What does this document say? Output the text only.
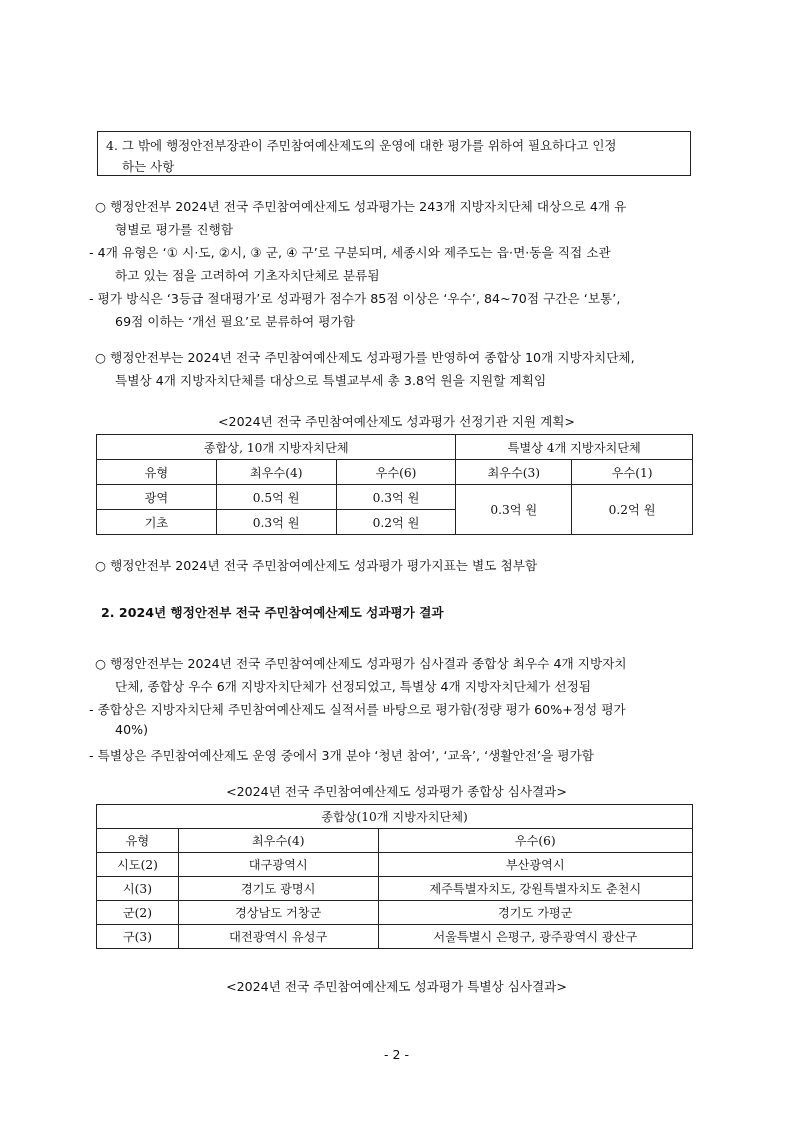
4. 그 밖에 행정안전부장관이 주민참여예산제도의 운영에 대한 평가를 위하여 필요하다고 인정
하는 사항
○ 행정안전부 2024년 전국 주민참여예산제도 성과평가는 243개 지방자치단체 대상으로 4개 유
형별로 평가를 진행함
- 4개 유형은 ‘① 시·도, ②시, ③ 군, ④ 구’로 구분되며, 세종시와 제주도는 읍·면·동을 직접 소관
하고 있는 점을 고려하여 기초자치단체로 분류됨
- 평가 방식은 ‘3등급 절대평가’로 성과평가 점수가 85점 이상은 ‘우수’, 84~70점 구간은 ‘보통’,
69점 이하는 ‘개선 필요’로 분류하여 평가함
○ 행정안전부는 2024년 전국 주민참여예산제도 성과평가를 반영하여 종합상 10개 지방자치단체,
특별상 4개 지방자치단체를 대상으로 특별교부세 총 3.8억 원을 지원할 계획임
<2024년 전국 주민참여예산제도 성과평가 선정기관 지원 계획>
종합상, 10개 지방자치단체			특별상 4개 지방자치단체	
유형	최우수(4)	우수(6)	최우수(3)	우수(1)
광역	0.5억 원	0.3억 원	0.3억 원	0.2억 원
기초	0.3억 원	0.2억 원		
○ 행정안전부 2024년 전국 주민참여예산제도 성과평가 평가지표는 별도 첨부함
2. 2024년 행정안전부 전국 주민참여예산제도 성과평가 결과
○ 행정안전부는 2024년 전국 주민참여예산제도 성과평가 심사결과 종합상 최우수 4개 지방자치
단체, 종합상 우수 6개 지방자치단체가 선정되었고, 특별상 4개 지방자치단체가 선정됨
- 종합상은 지방자치단체 주민참여예산제도 실적서를 바탕으로 평가함(정량 평가 60%+정성 평가
40%)
- 특별상은 주민참여예산제도 운영 중에서 3개 분야 ‘청년 참여’, ‘교육’, ‘생활안전’을 평가함
<2024년 전국 주민참여예산제도 성과평가 종합상 심사결과>
종합상(10개 지방자치단체)		
유형	최우수(4)	우수(6)
시도(2)	대구광역시	부산광역시
시(3)	경기도 광명시	제주특별자치도, 강원특별자치도 춘천시
군(2)	경상남도 거창군	경기도 가평군
구(3)	대전광역시 유성구	서울특별시 은평구, 광주광역시 광산구
<2024년 전국 주민참여예산제도 성과평가 특별상 심사결과>
- 2 -
